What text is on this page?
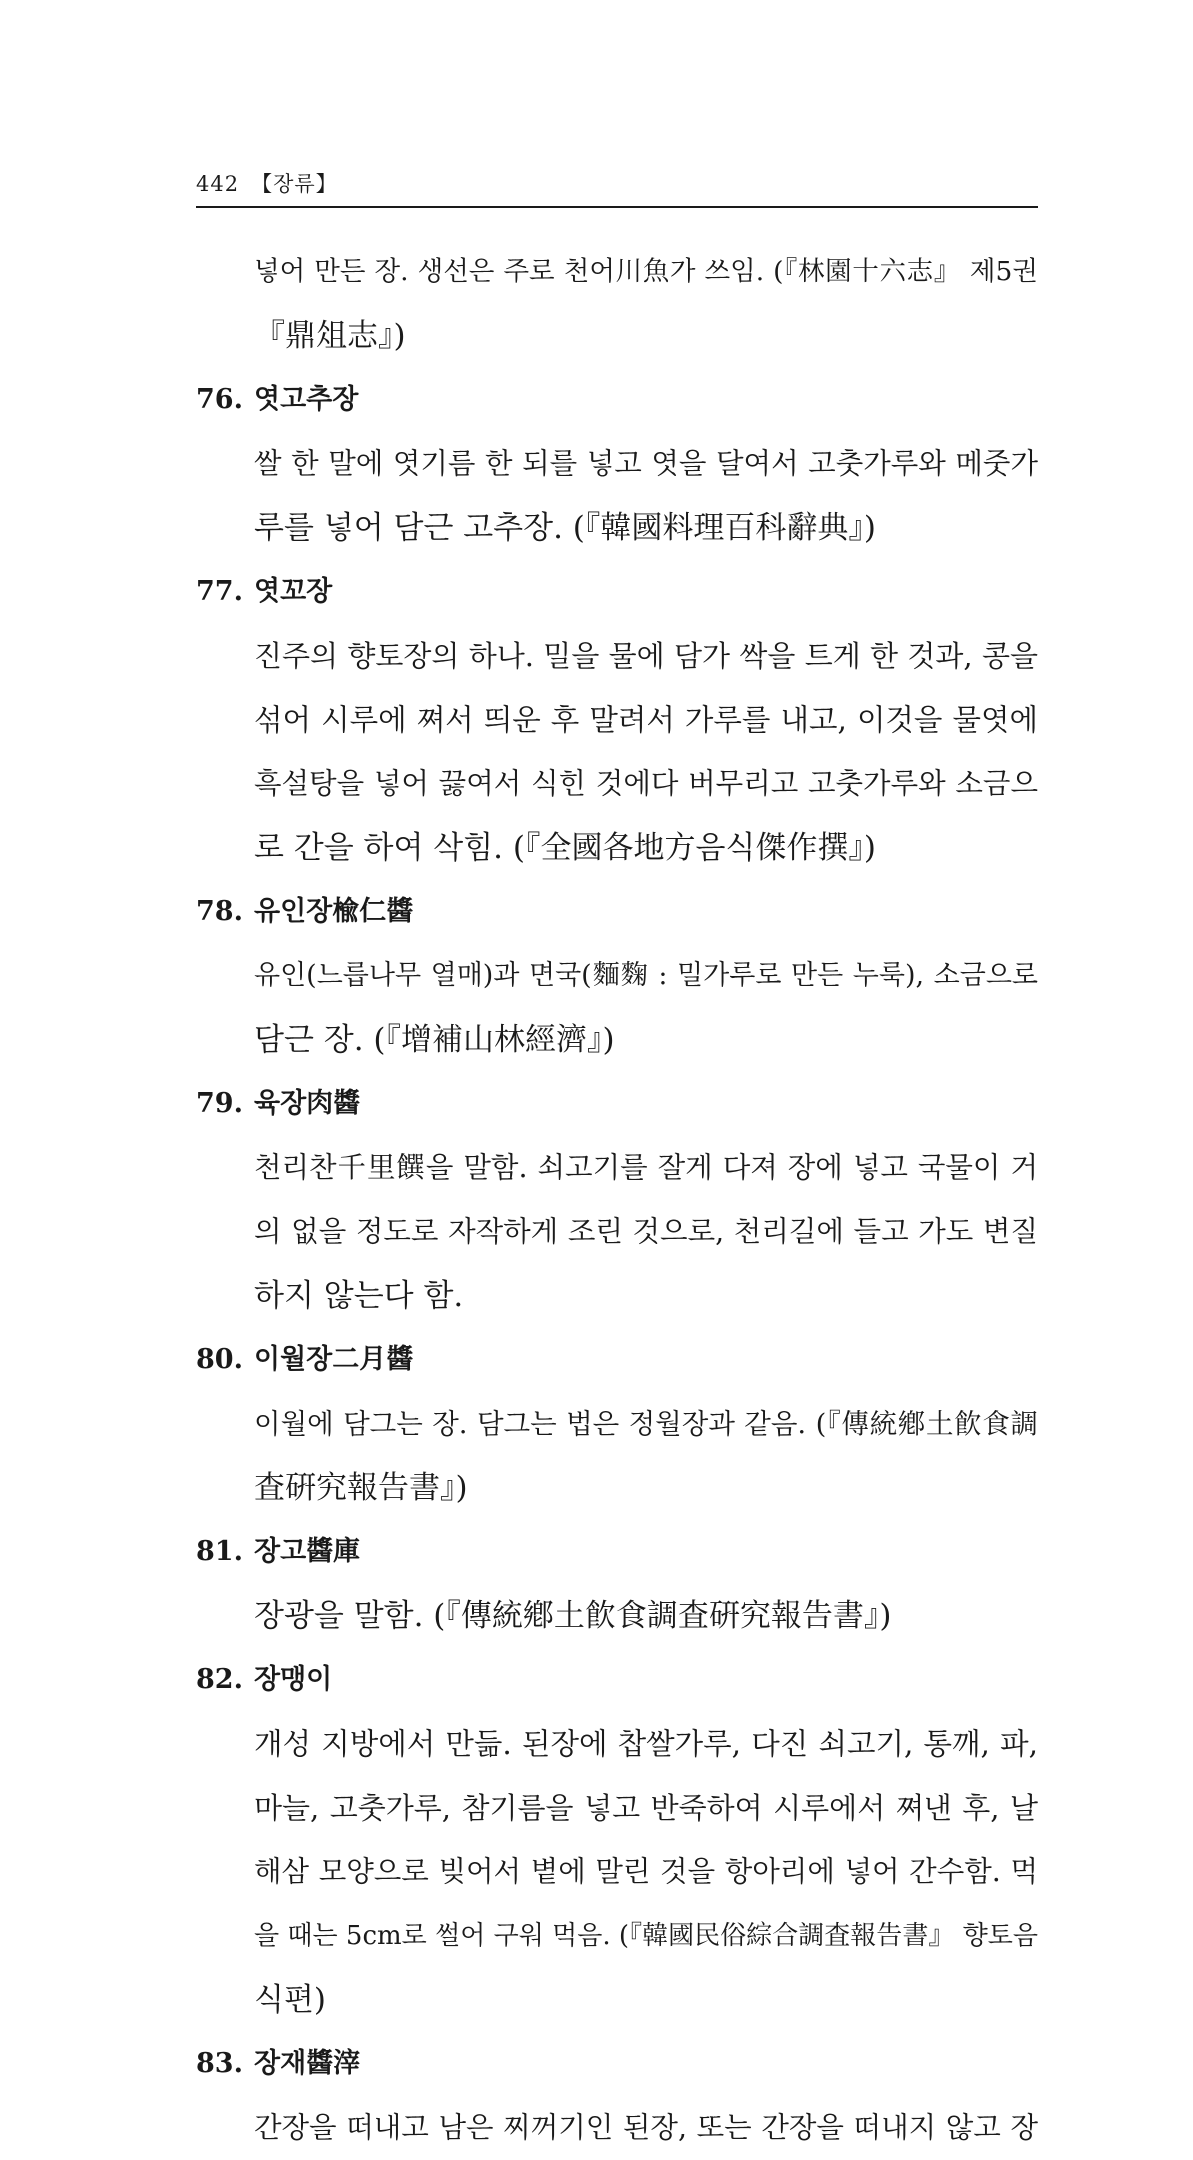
442 【장류】
넣어 만든 장. 생선은 주로 천어川魚가 쓰임. (『林園十六志』 제5권
『鼎俎志』)
76. 엿고추장
쌀 한 말에 엿기름 한 되를 넣고 엿을 달여서 고춧가루와 메줏가
루를 넣어 담근 고추장. (『韓國料理百科辭典』)
77. 엿꼬장
진주의 향토장의 하나. 밀을 물에 담가 싹을 트게 한 것과, 콩을
섞어 시루에 쪄서 띄운 후 말려서 가루를 내고, 이것을 물엿에
흑설탕을 넣어 끓여서 식힌 것에다 버무리고 고춧가루와 소금으
로 간을 하여 삭힘. (『全國各地方음식傑作撰』)
78. 유인장楡仁醬
유인(느릅나무 열매)과 면국(麵麴 : 밀가루로 만든 누룩), 소금으로
담근 장. (『增補山林經濟』)
79. 육장肉醬
천리찬千里饌을 말함. 쇠고기를 잘게 다져 장에 넣고 국물이 거
의 없을 정도로 자작하게 조린 것으로, 천리길에 들고 가도 변질
하지 않는다 함.
80. 이월장二月醬
이월에 담그는 장. 담그는 법은 정월장과 같음. (『傳統鄕土飮食調
査硏究報告書』)
81. 장고醬庫
장광을 말함. (『傳統鄕土飮食調査硏究報告書』)
82. 장맹이
개성 지방에서 만듦. 된장에 찹쌀가루, 다진 쇠고기, 통깨, 파,
마늘, 고춧가루, 참기름을 넣고 반죽하여 시루에서 쪄낸 후, 날
해삼 모양으로 빚어서 볕에 말린 것을 항아리에 넣어 간수함. 먹
을 때는 5cm로 썰어 구워 먹음. (『韓國民俗綜合調査報告書』 향토음
식편)
83. 장재醬滓
간장을 떠내고 남은 찌꺼기인 된장, 또는 간장을 떠내지 않고 장
